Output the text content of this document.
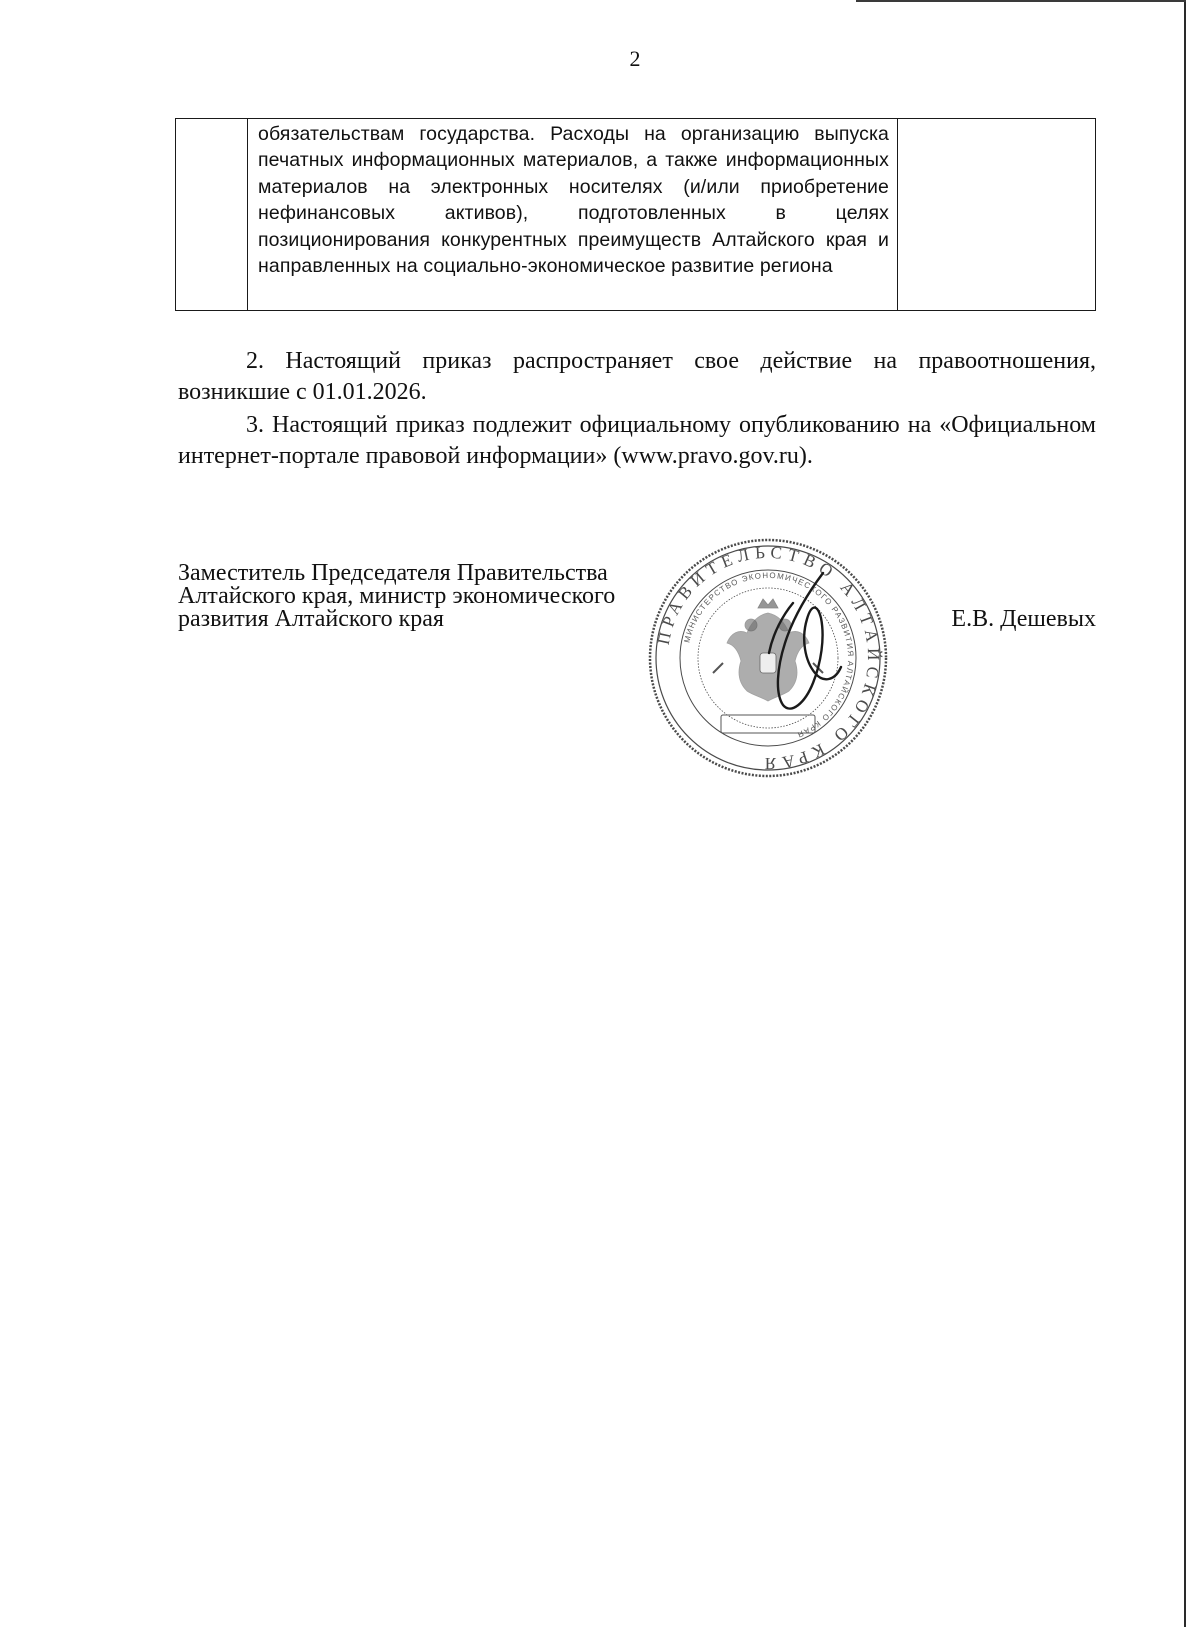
2

обязательствам государства. Расходы на организацию выпуска печатных информационных материалов, а также информационных материалов на электронных носителях (и/или приобретение нефинансовых активов), подготовленных в целях позиционирования конкурентных преимуществ Алтайского края и направленных на социально-экономическое развитие региона

2. Настоящий приказ распространяет свое действие на правоотношения, возникшие с 01.01.2026.
3. Настоящий приказ подлежит официальному опубликованию на «Официальном интернет-портале правовой информации» (www.pravo.gov.ru).
Заместитель Председателя Правительства
Алтайского края, министр экономического
развития Алтайского края	Е.В. Дешевых
ПРАВИТЕЛЬСТВО АЛТАЙСКОГО КРАЯ
МИНИСТЕРСТВО ЭКОНОМИЧЕСКОГО РАЗВИТИЯ АЛТАЙСКОГО КРАЯ
